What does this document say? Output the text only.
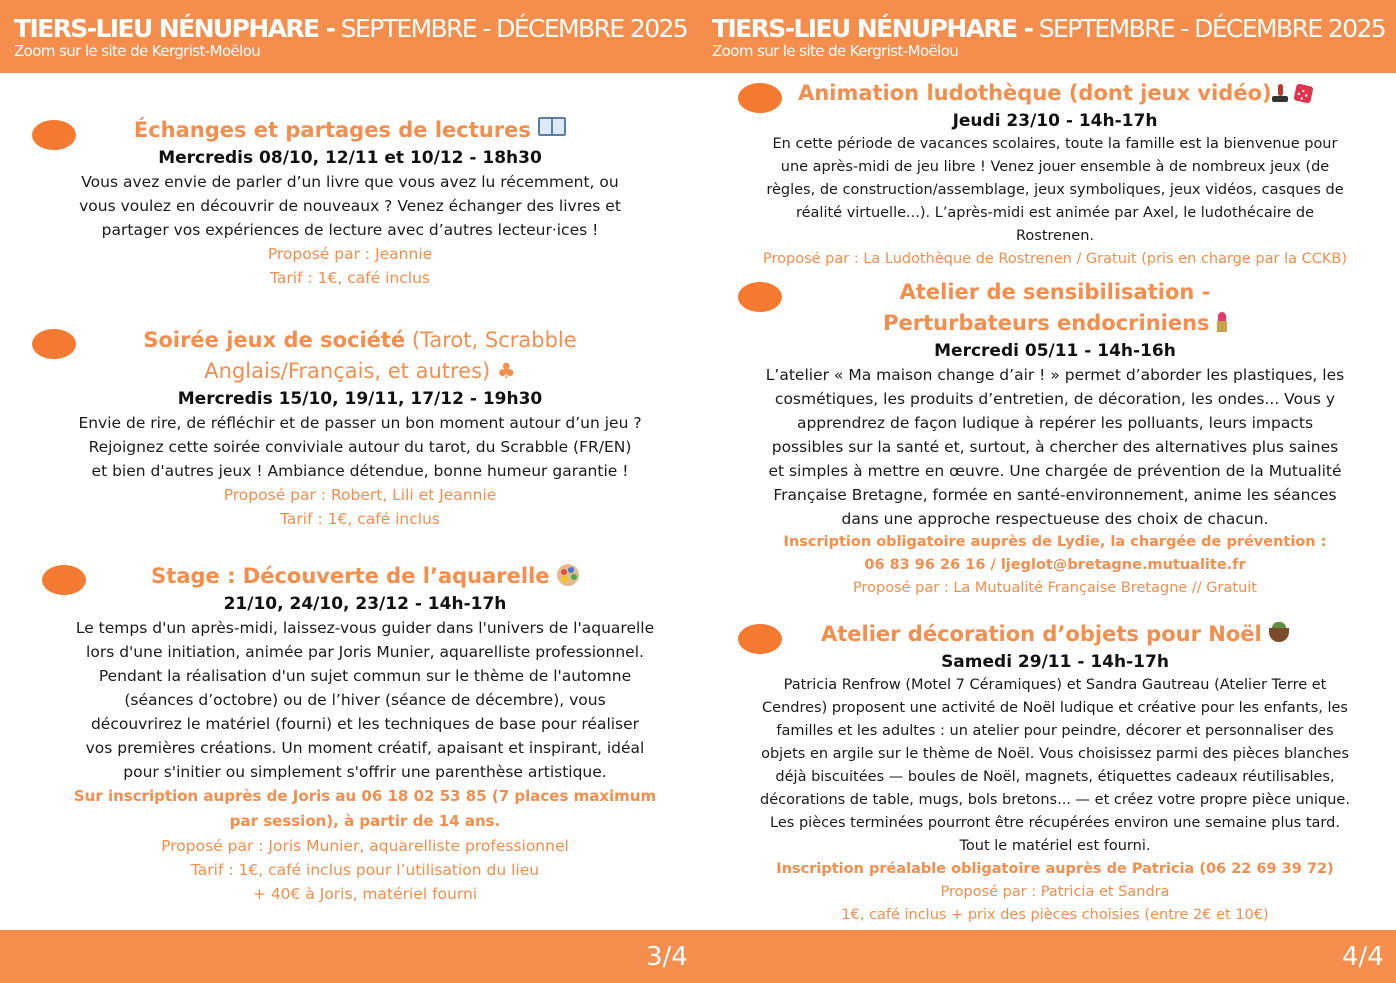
TIERS-LIEU NÉNUPHARE - SEPTEMBRE - DÉCEMBRE 2025
Zoom sur le site de Kergrist-Moëlou
TIERS-LIEU NÉNUPHARE - SEPTEMBRE - DÉCEMBRE 2025
Zoom sur le site de Kergrist-Moëlou
Échanges et partages de lectures
Mercredis 08/10, 12/11 et 10/12 - 18h30
Vous avez envie de parler d’un livre que vous avez lu récemment, ou
vous voulez en découvrir de nouveaux ? Venez échanger des livres et
partager vos expériences de lecture avec d’autres lecteur·ices !
Proposé par : Jeannie
Tarif : 1€, café inclus
Soirée jeux de société (Tarot, Scrabble
Anglais/Français, et autres) ♣
Mercredis 15/10, 19/11, 17/12 - 19h30
Envie de rire, de réfléchir et de passer un bon moment autour d’un jeu ?
Rejoignez cette soirée conviviale autour du tarot, du Scrabble (FR/EN)
et bien d'autres jeux ! Ambiance détendue, bonne humeur garantie !
Proposé par : Robert, Lili et Jeannie
Tarif : 1€, café inclus
Stage : Découverte de l’aquarelle
21/10, 24/10, 23/12 - 14h-17h
Le temps d'un après-midi, laissez-vous guider dans l'univers de l'aquarelle
lors d'une initiation, animée par Joris Munier, aquarelliste professionnel.
Pendant la réalisation d'un sujet commun sur le thème de l'automne
(séances d’octobre) ou de l’hiver (séance de décembre), vous
découvrirez le matériel (fourni) et les techniques de base pour réaliser
vos premières créations. Un moment créatif, apaisant et inspirant, idéal
pour s'initier ou simplement s'offrir une parenthèse artistique.
Sur inscription auprès de Joris au 06 18 02 53 85 (7 places maximum
par session), à partir de 14 ans.
Proposé par : Joris Munier, aquarelliste professionnel
Tarif : 1€, café inclus pour l’utilisation du lieu
+ 40€ à Joris, matériel fourni
Animation ludothèque (dont jeux vidéo) ⁘
Jeudi 23/10 - 14h-17h
En cette période de vacances scolaires, toute la famille est la bienvenue pour
une après-midi de jeu libre ! Venez jouer ensemble à de nombreux jeux (de
règles, de construction/assemblage, jeux symboliques, jeux vidéos, casques de
réalité virtuelle...). L’après-midi est animée par Axel, le ludothécaire de
Rostrenen.
Proposé par : La Ludothèque de Rostrenen / Gratuit (pris en charge par la CCKB)
Atelier de sensibilisation -
Perturbateurs endocriniens
Mercredi 05/11 - 14h-16h
L’atelier « Ma maison change d’air ! » permet d’aborder les plastiques, les
cosmétiques, les produits d’entretien, de décoration, les ondes... Vous y
apprendrez de façon ludique à repérer les polluants, leurs impacts
possibles sur la santé et, surtout, à chercher des alternatives plus saines
et simples à mettre en œuvre. Une chargée de prévention de la Mutualité
Française Bretagne, formée en santé-environnement, anime les séances
dans une approche respectueuse des choix de chacun.
Inscription obligatoire auprès de Lydie, la chargée de prévention :
06 83 96 26 16 / ljeglot@bretagne.mutualite.fr
Proposé par : La Mutualité Française Bretagne // Gratuit
Atelier décoration d’objets pour Noël
Samedi 29/11 - 14h-17h
Patricia Renfrow (Motel 7 Céramiques) et Sandra Gautreau (Atelier Terre et
Cendres) proposent une activité de Noël ludique et créative pour les enfants, les
familles et les adultes : un atelier pour peindre, décorer et personnaliser des
objets en argile sur le thème de Noël. Vous choisissez parmi des pièces blanches
déjà biscuitées — boules de Noël, magnets, étiquettes cadeaux réutilisables,
décorations de table, mugs, bols bretons... — et créez votre propre pièce unique.
Les pièces terminées pourront être récupérées environ une semaine plus tard.
Tout le matériel est fourni.
Inscription préalable obligatoire auprès de Patricia (06 22 69 39 72)
Proposé par : Patricia et Sandra
1€, café inclus + prix des pièces choisies (entre 2€ et 10€)
3/4	4/4
